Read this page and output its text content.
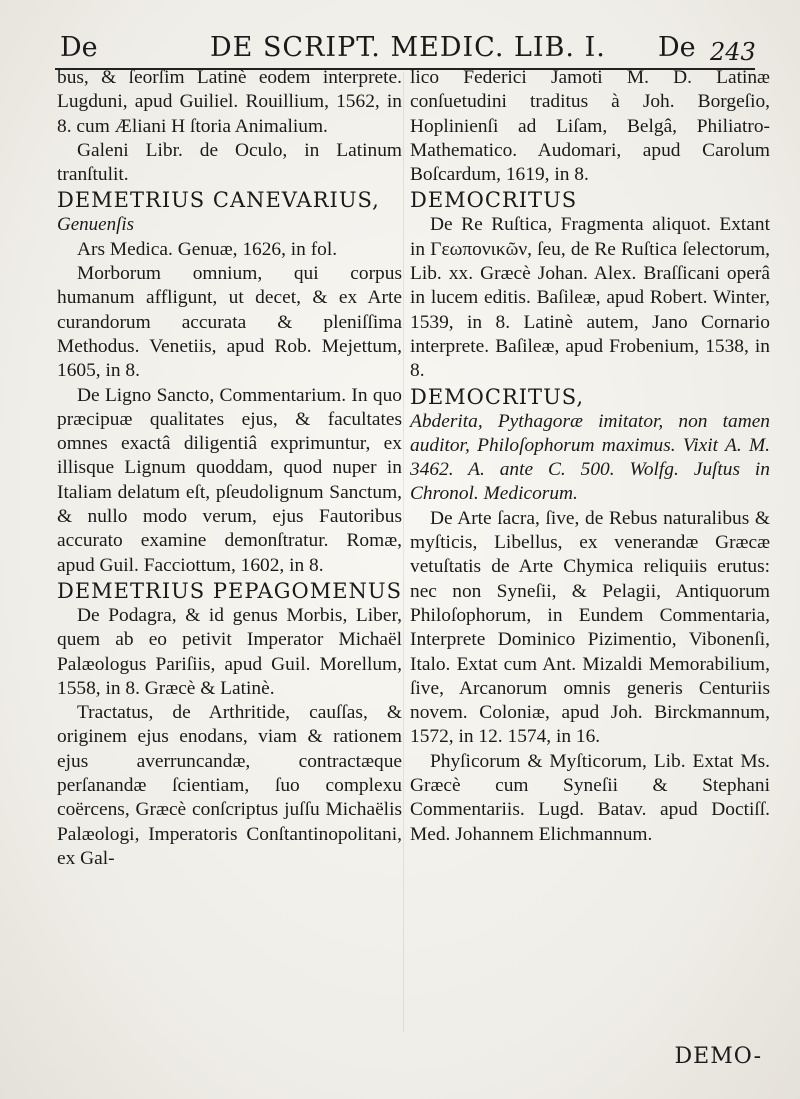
De	DE SCRIPT. MEDIC. LIB. I. De 243

bus, & ſeorſim Latinè eodem interprete. Lugduni, apud Guiliel. Rouillium, 1562, in 8. cum Æliani H ſtoria Animalium.

Galeni Libr. de Oculo, in Latinum tranſtulit.

DEMETRIUS CANEVARIUS,

Genuenſis

Ars Medica. Genuæ, 1626, in fol.

Morborum omnium, qui corpus humanum affligunt, ut decet, & ex Arte curandorum accurata & pleniſſima Methodus. Venetiis, apud Rob. Mejettum, 1605, in 8.

De Ligno Sancto, Commentarium. In quo præcipuæ qualitates ejus, & facultates omnes exactâ diligentiâ exprimuntur, ex illisque Lignum quoddam, quod nuper in Italiam delatum eſt, pſeudolignum Sanctum, & nullo modo verum, ejus Fautoribus accurato examine demonſtratur. Romæ, apud Guil. Facciottum, 1602, in 8.

DEMETRIUS PEPAGOMENUS

De Podagra, & id genus Morbis, Liber, quem ab eo petivit Imperator Michaël Palæologus Pariſiis, apud Guil. Morellum, 1558, in 8. Græcè & Latinè.

Tractatus, de Arthritide, cauſſas, & originem ejus enodans, viam & rationem ejus averruncandæ, contractæque perſanandæ ſcientiam, ſuo complexu coërcens, Græcè conſcriptus juſſu Michaëlis Palæologi, Imperatoris Conſtantinopolitani, ex Gal-

lico Federici Jamoti M. D. Latinæ conſuetudini traditus à Joh. Borgeſio, Hoplinienſi ad Liſam, Belgâ, Philiatro-Mathematico. Audomari, apud Carolum Boſcardum, 1619, in 8.

DEMOCRITUS

De Re Ruſtica, Fragmenta aliquot. Extant in Γεωπονικῶν, ſeu, de Re Ruſtica ſelectorum, Lib. xx. Græcè Johan. Alex. Braſſicani operâ in lucem editis. Baſileæ, apud Robert. Winter, 1539, in 8. Latinè autem, Jano Cornario interprete. Baſileæ, apud Frobenium, 1538, in 8.

DEMOCRITUS,

Abderita, Pythagoræ imitator, non tamen auditor, Philoſophorum maximus. Vixit A. M. 3462. A. ante C. 500. Wolfg. Juſtus in Chronol. Medicorum.

De Arte ſacra, ſive, de Rebus naturalibus & myſticis, Libellus, ex venerandæ Græcæ vetuſtatis de Arte Chymica reliquiis erutus: nec non Syneſii, & Pelagii, Antiquorum Philoſophorum, in Eundem Commentaria, Interprete Dominico Pizimentio, Vibonenſi, Italo. Extat cum Ant. Mizaldi Memorabilium, ſive, Arcanorum omnis generis Centuriis novem. Coloniæ, apud Joh. Birckmannum, 1572, in 12. 1574, in 16.

Phyſicorum & Myſticorum, Lib. Extat Ms. Græcè cum Syneſii & Stephani Commentariis. Lugd. Batav. apud Doctiſſ. Med. Johannem Elichmannum.

DEMO-
